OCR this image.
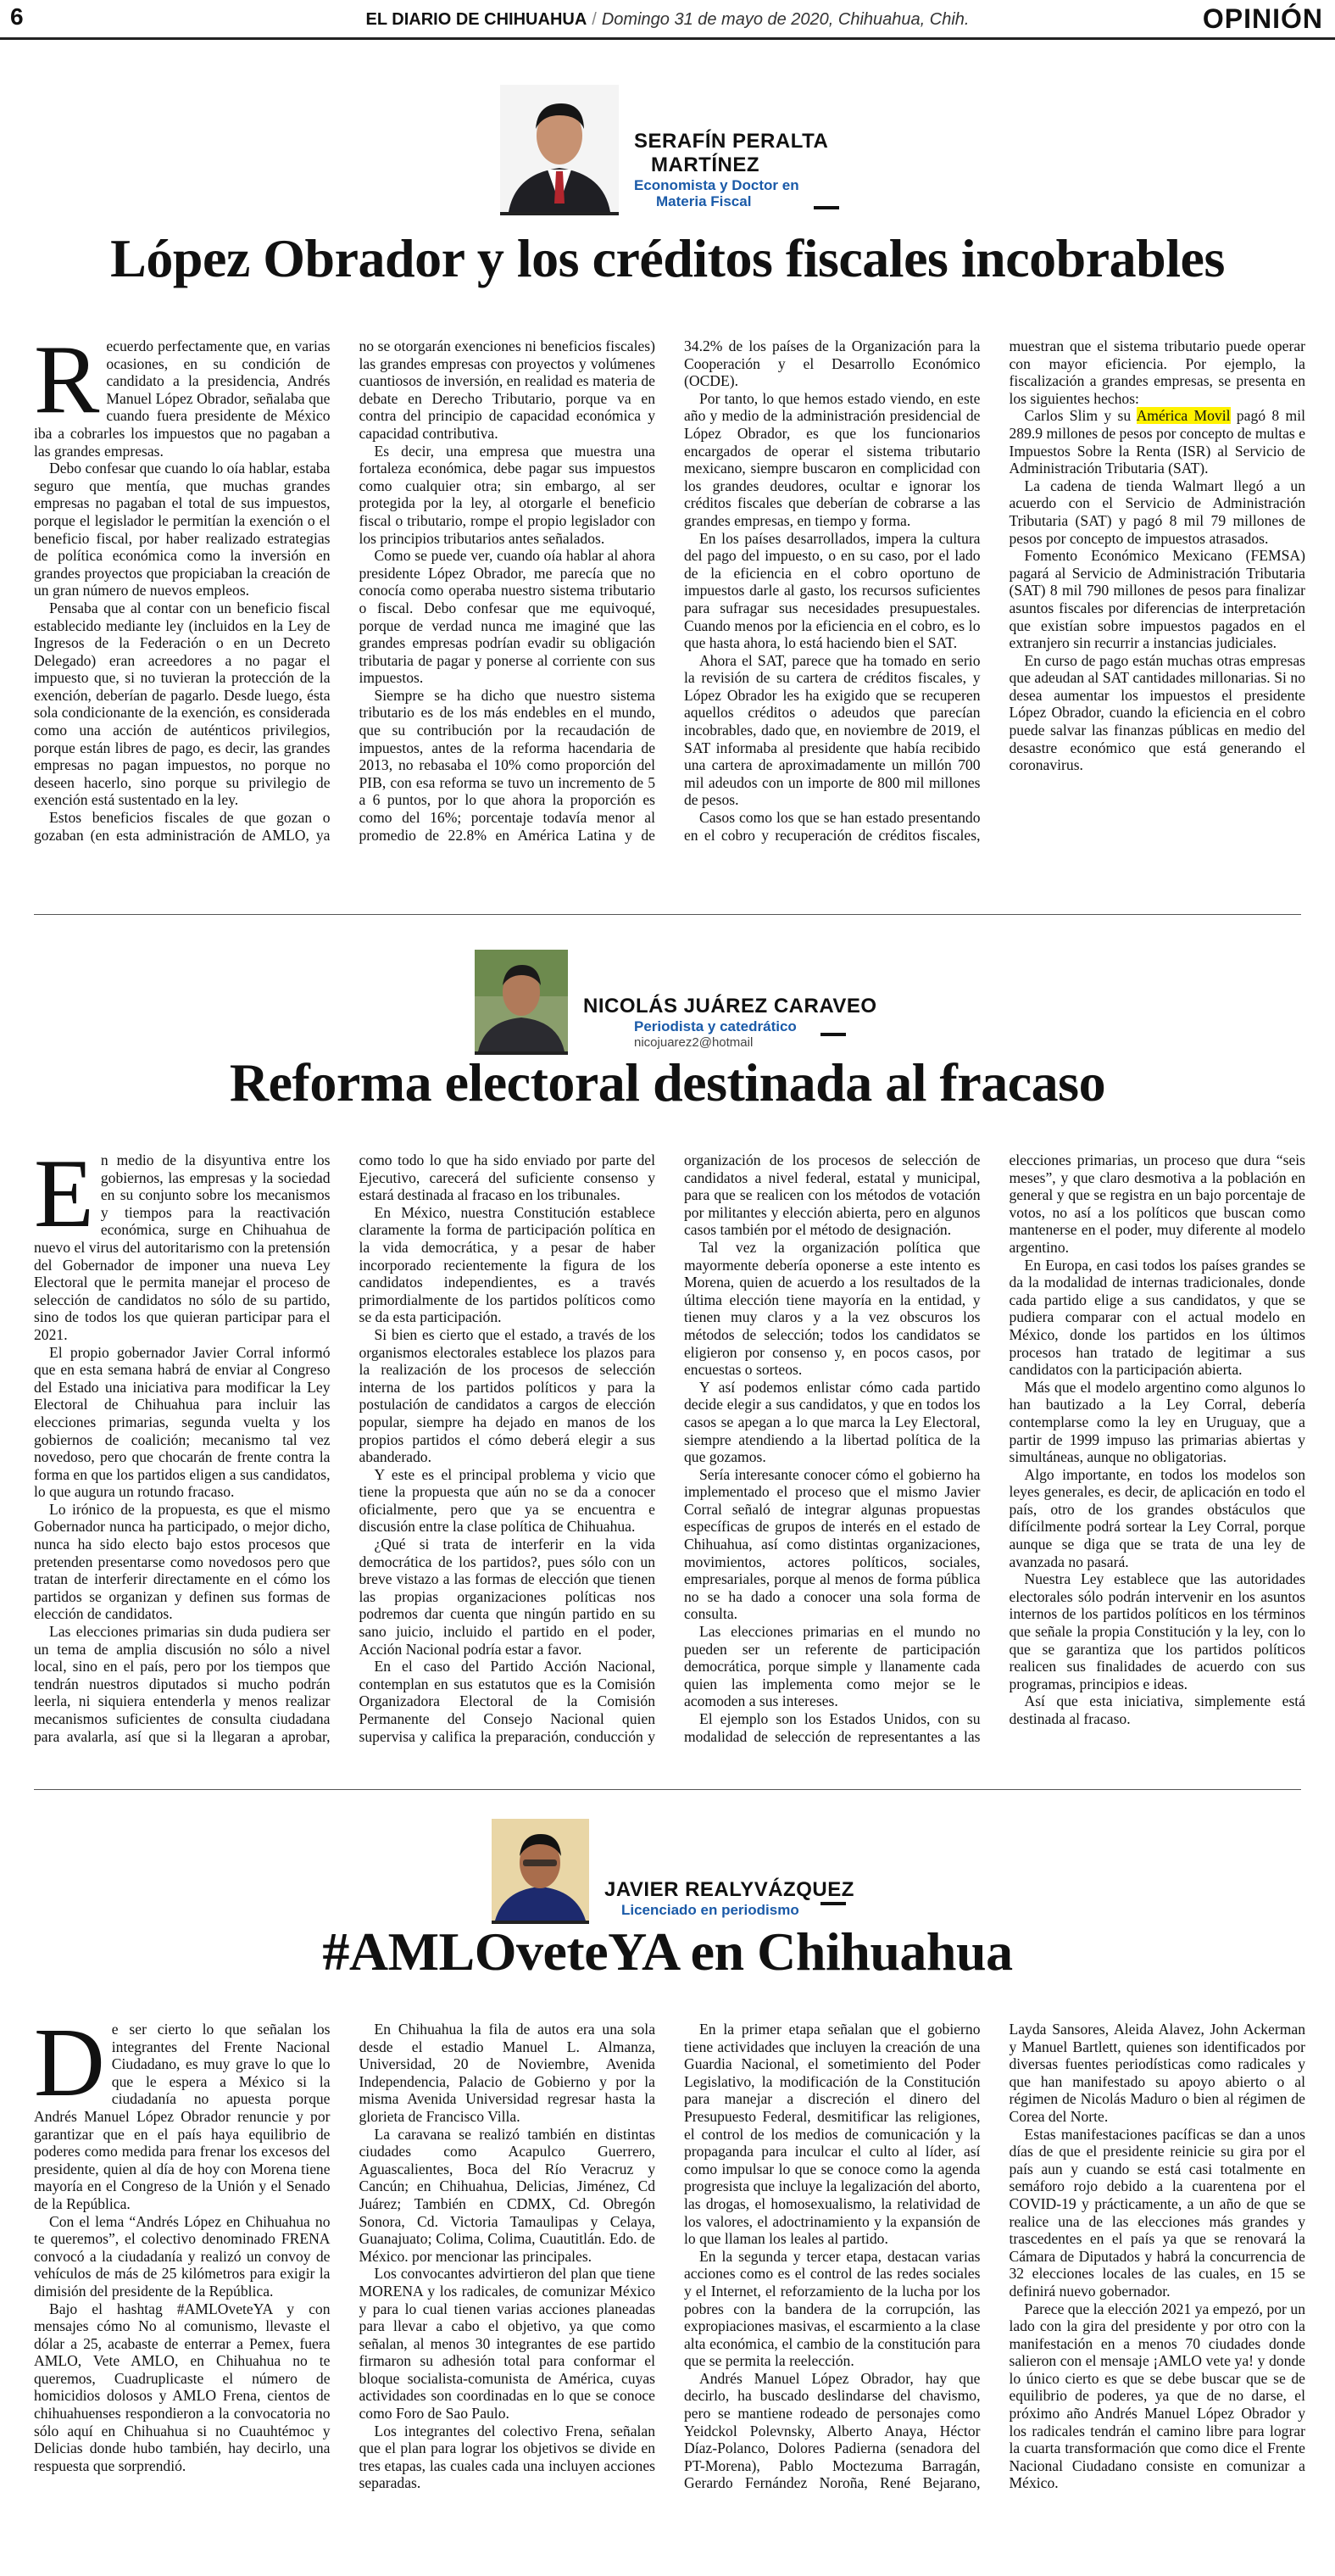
6	EL DIARIO DE CHIHUAHUA / Domingo 31 de mayo de 2020, Chihuahua, Chih.	OPINIÓN
SERAFÍN PERALTA
MARTÍNEZ
Economista y Doctor en
Materia Fiscal
López Obrador y los créditos fiscales incobrables

Recuerdo perfectamente que, en varias ocasiones, en su condición de candidato a la presidencia, Andrés Manuel López Obrador, señalaba que cuando fuera presidente de México iba a cobrarles los impuestos que no pagaban a las grandes empresas.

Debo confesar que cuando lo oía hablar, estaba seguro que mentía, que muchas grandes empresas no pagaban el total de sus impuestos, porque el legislador le permitían la exención o el beneficio fiscal, por haber realizado estrategias de política económica como la inversión en grandes proyectos que propiciaban la creación de un gran número de nuevos empleos.

Pensaba que al contar con un beneficio fiscal establecido mediante ley (incluidos en la Ley de Ingresos de la Federación o en un Decreto Delegado) eran acreedores a no pagar el impuesto que, si no tuvieran la protección de la exención, deberían de pagarlo. Desde luego, ésta sola condicionante de la exención, es considerada como una acción de auténticos privilegios, porque están libres de pago, es decir, las grandes empresas no pagan impuestos, no porque no deseen hacerlo, sino porque su privilegio de exención está sustentado en la ley.

Estos beneficios fiscales de que gozan o gozaban (en esta administración de AMLO, ya no se otorgarán exenciones ni beneficios fiscales) las grandes empresas con proyectos y volúmenes cuantiosos de inversión, en realidad es materia de debate en Derecho Tributario, porque va en contra del principio de capacidad económica y capacidad contributiva.

Es decir, una empresa que muestra una fortaleza económica, debe pagar sus impuestos como cualquier otra; sin embargo, al ser protegida por la ley, al otorgarle el beneficio fiscal o tributario, rompe el propio legislador con los principios tributarios antes señalados.

Como se puede ver, cuando oía hablar al ahora presidente López Obrador, me parecía que no conocía como operaba nuestro sistema tributario o fiscal. Debo confesar que me equivoqué, porque de verdad nunca me imaginé que las grandes empresas podrían evadir su obligación tributaria de pagar y ponerse al corriente con sus impuestos.

Siempre se ha dicho que nuestro sistema tributario es de los más endebles en el mundo, que su contribución por la recaudación de impuestos, antes de la reforma hacendaria de 2013, no rebasaba el 10% como proporción del PIB, con esa reforma se tuvo un incremento de 5 a 6 puntos, por lo que ahora la proporción es como del 16%; porcentaje todavía menor al promedio de 22.8% en América Latina y de 34.2% de los países de la Organización para la Cooperación y el Desarrollo Económico (OCDE).

Por tanto, lo que hemos estado viendo, en este año y medio de la administración presidencial de López Obrador, es que los funcionarios encargados de operar el sistema tributario mexicano, siempre buscaron en complicidad con los grandes deudores, ocultar e ignorar los créditos fiscales que deberían de cobrarse a las grandes empresas, en tiempo y forma.

En los países desarrollados, impera la cultura del pago del impuesto, o en su caso, por el lado de la eficiencia en el cobro oportuno de impuestos darle al gasto, los recursos suficientes para sufragar sus necesidades presupuestales. Cuando menos por la eficiencia en el cobro, es lo que hasta ahora, lo está haciendo bien el SAT.

Ahora el SAT, parece que ha tomado en serio la revisión de su cartera de créditos fiscales, y López Obrador les ha exigido que se recuperen aquellos créditos o adeudos que parecían incobrables, dado que, en noviembre de 2019, el SAT informaba al presidente que había recibido una cartera de aproximadamente un millón 700 mil adeudos con un importe de 800 mil millones de pesos.

Casos como los que se han estado presentando en el cobro y recuperación de créditos fiscales, muestran que el sistema tributario puede operar con mayor eficiencia. Por ejemplo, la fiscalización a grandes empresas, se presenta en los siguientes hechos:

Carlos Slim y su América Movil pagó 8 mil 289.9 millones de pesos por concepto de multas e Impuestos Sobre la Renta (ISR) al Servicio de Administración Tributaria (SAT).

La cadena de tienda Walmart llegó a un acuerdo con el Servicio de Administración Tributaria (SAT) y pagó 8 mil 79 millones de pesos por concepto de impuestos atrasados.

Fomento Económico Mexicano (FEMSA) pagará al Servicio de Administración Tributaria (SAT) 8 mil 790 millones de pesos para finalizar asuntos fiscales por diferencias de interpretación que existían sobre impuestos pagados en el extranjero sin recurrir a instancias judiciales.

En curso de pago están muchas otras empresas que adeudan al SAT cantidades millonarias. Si no desea aumentar los impuestos el presidente López Obrador, cuando la eficiencia en el cobro puede salvar las finanzas públicas en medio del desastre económico que está generando el coronavirus.

NICOLÁS JUÁREZ CARAVEO
Periodista y catedrático
nicojuarez2@hotmail
Reforma electoral destinada al fracaso

En medio de la disyuntiva entre los gobiernos, las empresas y la sociedad en su conjunto sobre los mecanismos y tiempos para la reactivación económica, surge en Chihuahua de nuevo el virus del autoritarismo con la pretensión del Gobernador de imponer una nueva Ley Electoral que le permita manejar el proceso de selección de candidatos no sólo de su partido, sino de todos los que quieran participar para el 2021.

El propio gobernador Javier Corral informó que en esta semana habrá de enviar al Congreso del Estado una iniciativa para modificar la Ley Electoral de Chihuahua para incluir las elecciones primarias, segunda vuelta y los gobiernos de coalición; mecanismo tal vez novedoso, pero que chocarán de frente contra la forma en que los partidos eligen a sus candidatos, lo que augura un rotundo fracaso.

Lo irónico de la propuesta, es que el mismo Gobernador nunca ha participado, o mejor dicho, nunca ha sido electo bajo estos procesos que pretenden presentarse como novedosos pero que tratan de interferir directamente en el cómo los partidos se organizan y definen sus formas de elección de candidatos.

Las elecciones primarias sin duda pudiera ser un tema de amplia discusión no sólo a nivel local, sino en el país, pero por los tiempos que tendrán nuestros diputados si mucho podrán leerla, ni siquiera entenderla y menos realizar mecanismos suficientes de consulta ciudadana para avalarla, así que si la llegaran a aprobar, como todo lo que ha sido enviado por parte del Ejecutivo, carecerá del suficiente consenso y estará destinada al fracaso en los tribunales.

En México, nuestra Constitución establece claramente la forma de participación política en la vida democrática, y a pesar de haber incorporado recientemente la figura de los candidatos independientes, es a través primordialmente de los partidos políticos como se da esta participación.

Si bien es cierto que el estado, a través de los organismos electorales establece los plazos para la realización de los procesos de selección interna de los partidos políticos y para la postulación de candidatos a cargos de elección popular, siempre ha dejado en manos de los propios partidos el cómo deberá elegir a sus abanderado.

Y este es el principal problema y vicio que tiene la propuesta que aún no se da a conocer oficialmente, pero que ya se encuentra e discusión entre la clase política de Chihuahua.

¿Qué si trata de interferir en la vida democrática de los partidos?, pues sólo con un breve vistazo a las formas de elección que tienen las propias organizaciones políticas nos podremos dar cuenta que ningún partido en su sano juicio, incluido el partido en el poder, Acción Nacional podría estar a favor.

En el caso del Partido Acción Nacional, contemplan en sus estatutos que es la Comisión Organizadora Electoral de la Comisión Permanente del Consejo Nacional quien supervisa y califica la preparación, conducción y organización de los procesos de selección de candidatos a nivel federal, estatal y municipal, para que se realicen con los métodos de votación por militantes y elección abierta, pero en algunos casos también por el método de designación.

Tal vez la organización política que mayormente debería oponerse a este intento es Morena, quien de acuerdo a los resultados de la última elección tiene mayoría en la entidad, y tienen muy claros y a la vez obscuros los métodos de selección; todos los candidatos se eligieron por consenso y, en pocos casos, por encuestas o sorteos.

Y así podemos enlistar cómo cada partido decide elegir a sus candidatos, y que en todos los casos se apegan a lo que marca la Ley Electoral, siempre atendiendo a la libertad política de la que gozamos.

Sería interesante conocer cómo el gobierno ha implementado el proceso que el mismo Javier Corral señaló de integrar algunas propuestas específicas de grupos de interés en el estado de Chihuahua, así como distintas organizaciones, movimientos, actores políticos, sociales, empresariales, porque al menos de forma pública no se ha dado a conocer una sola forma de consulta.

Las elecciones primarias en el mundo no pueden ser un referente de participación democrática, porque simple y llanamente cada quien las implementa como mejor se le acomoden a sus intereses.

El ejemplo son los Estados Unidos, con su modalidad de selección de representantes a las elecciones primarias, un proceso que dura “seis meses”, y que claro desmotiva a la población en general y que se registra en un bajo porcentaje de votos, no así a los políticos que buscan como mantenerse en el poder, muy diferente al modelo argentino.

En Europa, en casi todos los países grandes se da la modalidad de internas tradicionales, donde cada partido elige a sus candidatos, y que se pudiera comparar con el actual modelo en México, donde los partidos en los últimos procesos han tratado de legitimar a sus candidatos con la participación abierta.

Más que el modelo argentino como algunos lo han bautizado a la Ley Corral, debería contemplarse como la ley en Uruguay, que a partir de 1999 impuso las primarias abiertas y simultáneas, aunque no obligatorias.

Algo importante, en todos los modelos son leyes generales, es decir, de aplicación en todo el país, otro de los grandes obstáculos que difícilmente podrá sortear la Ley Corral, porque aunque se diga que se trata de una ley de avanzada no pasará.

Nuestra Ley establece que las autoridades electorales sólo podrán intervenir en los asuntos internos de los partidos políticos en los términos que señale la propia Constitución y la ley, con lo que se garantiza que los partidos políticos realicen sus finalidades de acuerdo con sus programas, principios e ideas.

Así que esta iniciativa, simplemente está destinada al fracaso.

JAVIER REALYVÁZQUEZ
Licenciado en periodismo
#AMLOveteYA en Chihuahua

De ser cierto lo que señalan los integrantes del Frente Nacional Ciudadano, es muy grave lo que lo que le espera a México si la ciudadanía no apuesta porque Andrés Manuel López Obrador renuncie y por garantizar que en el país haya equilibrio de poderes como medida para frenar los excesos del presidente, quien al día de hoy con Morena tiene mayoría en el Congreso de la Unión y el Senado de la República.

Con el lema “Andrés López en Chihuahua no te queremos”, el colectivo denominado FRENA convocó a la ciudadanía y realizó un convoy de vehículos de más de 25 kilómetros para exigir la dimisión del presidente de la República.

Bajo el hashtag #AMLOveteYA y con mensajes cómo No al comunismo, llevaste el dólar a 25, acabaste de enterrar a Pemex, fuera AMLO, Vete AMLO, en Chihuahua no te queremos, Cuadruplicaste el número de homicidios dolosos y AMLO Frena, cientos de chihuahuenses respondieron a la convocatoria no sólo aquí en Chihuahua si no Cuauhtémoc y Delicias donde hubo también, hay decirlo, una respuesta que sorprendió.

En Chihuahua la fila de autos era una sola desde el estadio Manuel L. Almanza, Universidad, 20 de Noviembre, Avenida Independencia, Palacio de Gobierno y por la misma Avenida Universidad regresar hasta la glorieta de Francisco Villa.

La caravana se realizó también en distintas ciudades como Acapulco Guerrero, Aguascalientes, Boca del Río Veracruz y Cancún; en Chihuahua, Delicias, Jiménez, Cd Juárez; También en CDMX, Cd. Obregón Sonora, Cd. Victoria Tamaulipas y Celaya, Guanajuato; Colima, Colima, Cuautitlán. Edo. de México. por mencionar las principales.

Los convocantes advirtieron del plan que tiene MORENA y los radicales, de comunizar México y para lo cual tienen varias acciones planeadas para llevar a cabo el objetivo, ya que como señalan, al menos 30 integrantes de ese partido firmaron su adhesión total para conformar el bloque socialista-comunista de América, cuyas actividades son coordinadas en lo que se conoce como Foro de Sao Paulo.

Los integrantes del colectivo Frena, señalan que el plan para lograr los objetivos se divide en tres etapas, las cuales cada una incluyen acciones separadas.

En la primer etapa señalan que el gobierno tiene actividades que incluyen la creación de una Guardia Nacional, el sometimiento del Poder Legislativo, la modificación de la Constitución para manejar a discreción el dinero del Presupuesto Federal, desmitificar las religiones, el control de los medios de comunicación y la propaganda para inculcar el culto al líder, así como impulsar lo que se conoce como la agenda progresista que incluye la legalización del aborto, las drogas, el homosexualismo, la relatividad de los valores, el adoctrinamiento y la expansión de lo que llaman los leales al partido.

En la segunda y tercer etapa, destacan varias acciones como es el control de las redes sociales y el Internet, el reforzamiento de la lucha por los pobres con la bandera de la corrupción, las expropiaciones masivas, el escarmiento a la clase alta económica, el cambio de la constitución para que se permita la reelección.

Andrés Manuel López Obrador, hay que decirlo, ha buscado deslindarse del chavismo, pero se mantiene rodeado de personajes como Yeidckol Polevnsky, Alberto Anaya, Héctor Díaz-Polanco, Dolores Padierna (senadora del PT-Morena), Pablo Moctezuma Barragán, Gerardo Fernández Noroña, René Bejarano, Layda Sansores, Aleida Alavez, John Ackerman y Manuel Bartlett, quienes son identificados por diversas fuentes periodísticas como radicales y que han manifestado su apoyo abierto o al régimen de Nicolás Maduro o bien al régimen de Corea del Norte.

Estas manifestaciones pacíficas se dan a unos días de que el presidente reinicie su gira por el país aun y cuando se está casi totalmente en semáforo rojo debido a la cuarentena por el COVID-19 y prácticamente, a un año de que se realice una de las elecciones más grandes y trascedentes en el país ya que se renovará la Cámara de Diputados y habrá la concurrencia de 32 elecciones locales de las cuales, en 15 se definirá nuevo gobernador.

Parece que la elección 2021 ya empezó, por un lado con la gira del presidente y por otro con la manifestación en a menos 70 ciudades donde salieron con el mensaje ¡AMLO vete ya! y donde lo único cierto es que se debe buscar que se de equilibrio de poderes, ya que de no darse, el próximo año Andrés Manuel López Obrador y los radicales tendrán el camino libre para lograr la cuarta transformación que como dice el Frente Nacional Ciudadano consiste en comunizar a México.
